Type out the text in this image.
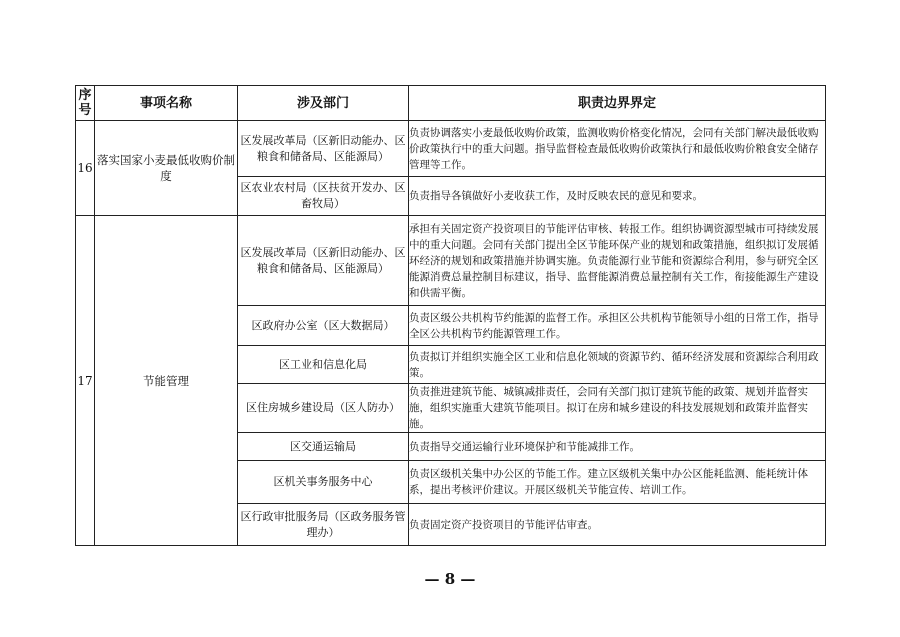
序号	事项名称	涉及部门	职责边界界定
16	落实国家小麦最低收购价制度	区发展改革局（区新旧动能办、区粮食和储备局、区能源局）	负责协调落实小麦最低收购价政策，监测收购价格变化情况，会同有关部门解决最低收购价政策执行中的重大问题。指导监督检查最低收购价政策执行和最低收购价粮食安全储存管理等工作。
		区农业农村局（区扶贫开发办、区畜牧局）	负责指导各镇做好小麦收获工作，及时反映农民的意见和要求。
17	节能管理	区发展改革局（区新旧动能办、区粮食和储备局、区能源局）	承担有关固定资产投资项目的节能评估审核、转报工作。组织协调资源型城市可持续发展中的重大问题。会同有关部门提出全区节能环保产业的规划和政策措施，组织拟订发展循环经济的规划和政策措施并协调实施。负责能源行业节能和资源综合利用，参与研究全区能源消费总量控制目标建议，指导、监督能源消费总量控制有关工作，衔接能源生产建设和供需平衡。
		区政府办公室（区大数据局）	负责区级公共机构节约能源的监督工作。承担区公共机构节能领导小组的日常工作，指导全区公共机构节约能源管理工作。
		区工业和信息化局	负责拟订并组织实施全区工业和信息化领域的资源节约、循环经济发展和资源综合利用政策。
		区住房城乡建设局（区人防办）	负责推进建筑节能、城镇减排责任，会同有关部门拟订建筑节能的政策、规划并监督实施，组织实施重大建筑节能项目。拟订在房和城乡建设的科技发展规划和政策并监督实施。
		区交通运输局	负责指导交通运输行业环境保护和节能减排工作。
		区机关事务服务中心	负责区级机关集中办公区的节能工作。建立区级机关集中办公区能耗监测、能耗统计体系，提出考核评价建议。开展区级机关节能宣传、培训工作。
		区行政审批服务局（区政务服务管理办）	负责固定资产投资项目的节能评估审查。
— 8 —
